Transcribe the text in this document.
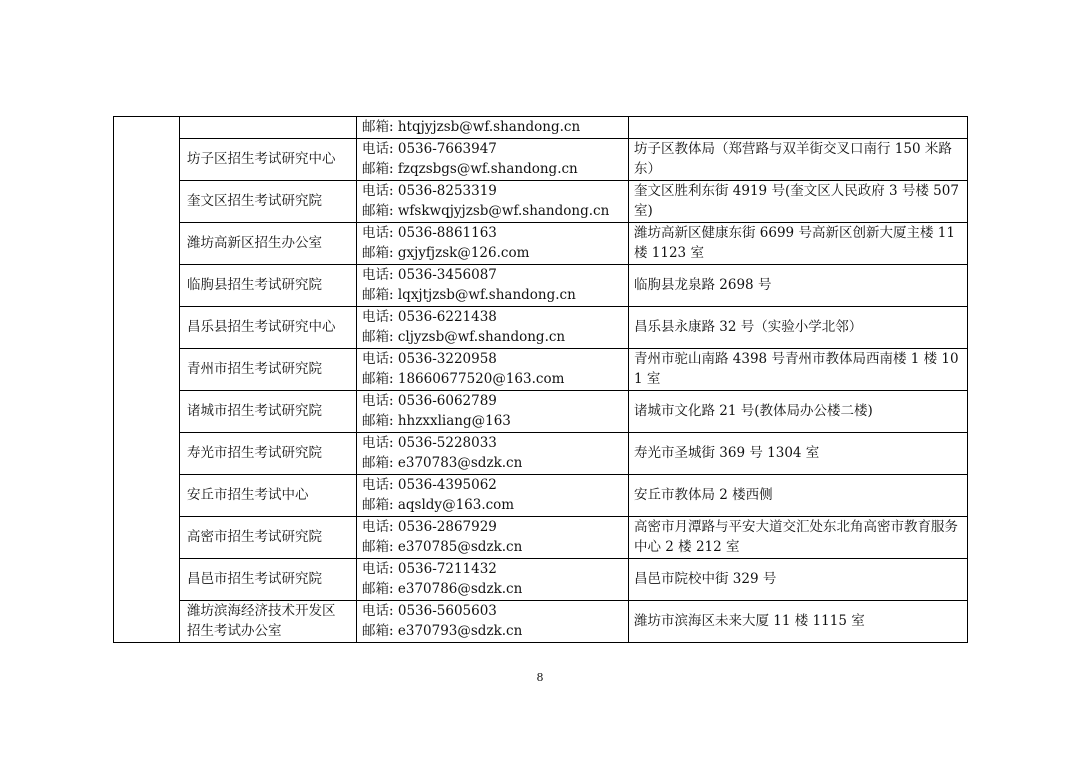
			邮箱: htqjyjzsb@wf.shandong.cn	

	坊子区招生考试研究中心	电话: 0536-7663947
邮箱: fzqzsbgs@wf.shandong.cn	坊子区教体局（郑营路与双羊街交叉口南行 150 米路东）

	奎文区招生考试研究院	电话: 0536-8253319
邮箱: wfskwqjyjzsb@wf.shandong.cn	奎文区胜利东街 4919 号(奎文区人民政府 3 号楼 507 室)

	潍坊高新区招生办公室	电话: 0536-8861163
邮箱: gxjyfjzsk@126.com	潍坊高新区健康东街 6699 号高新区创新大厦主楼 11 楼 1123 室

	临朐县招生考试研究院	电话: 0536-3456087
邮箱: lqxjtjzsb@wf.shandong.cn	临朐县龙泉路 2698 号

	昌乐县招生考试研究中心	电话: 0536-6221438
邮箱: cljyzsb@wf.shandong.cn	昌乐县永康路 32 号（实验小学北邻）

	青州市招生考试研究院	电话: 0536-3220958
邮箱: 18660677520@163.com	青州市驼山南路 4398 号青州市教体局西南楼 1 楼 101 室

	诸城市招生考试研究院	电话: 0536-6062789
邮箱: hhzxxliang@163	诸城市文化路 21 号(教体局办公楼二楼)

	寿光市招生考试研究院	电话: 0536-5228033
邮箱: e370783@sdzk.cn	寿光市圣城街 369 号 1304 室

	安丘市招生考试中心	电话: 0536-4395062
邮箱: aqsldy@163.com	安丘市教体局 2 楼西侧

	高密市招生考试研究院	电话: 0536-2867929
邮箱: e370785@sdzk.cn	高密市月潭路与平安大道交汇处东北角高密市教育服务中心 2 楼 212 室

	昌邑市招生考试研究院	电话: 0536-7211432
邮箱: e370786@sdzk.cn	昌邑市院校中街 329 号

	潍坊滨海经济技术开发区
招生考试办公室	电话: 0536-5605603
邮箱: e370793@sdzk.cn	潍坊市滨海区未来大厦 11 楼 1115 室
8
